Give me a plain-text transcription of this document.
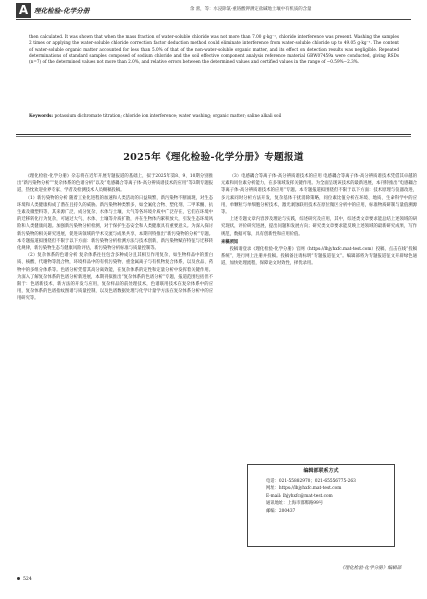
A 理化检验-化学分册	余 蕾，等：水浸除氯-重铬酸钾测定盐碱地土壤中有机质的含量

then calculated. It was shown that when the mass fraction of water-soluble chloride was not more than 7.00 g·kg⁻¹, chloride interference was present. Washing the samples 2 times or applying the water-soluble chloride correction factor deduction method could eliminate interference from water-soluble chloride up to 49.05 g·kg⁻¹. The content of water-soluble organic matter accounted for less than 5.0% of that of the non-water-soluble organic matter, and its effect on detection results was negligible. Repeated determinations of standard samples composed of sodium chloride and the soil effective component analysis reference material GBW07459a were conducted, giving RSDs (n=7) of the determined values not more than 2.0%, and relative errors between the determined values and certified values in the range of −0.59%−2.3%.

Keywords: potassium dichromate titration; chloride ion interference; water washing; organic matter; saline alkali soil
2025年《理化检验-化学分册》专题报道

《理化检验-化学分册》杂志将在近年开展专题报道的基础上，拟于2025年第8、9、10期分别推出“新污染物分析”“复杂体系的色谱分析”以及“电感耦合等离子体-高分辨质谱技术的应用”等3期专题报道，热忱欢迎业界专家、学者及检测技术人员赐稿投稿。

（1）新污染物的分析 随着工业化进程的加速和人类活动的日益频繁，新污染物不断涌现，对生态环境和人类健康构成了潜在且持久的威胁。新污染物种类繁多，如全氟化合物、塑化剂、二甲苯酮、抗生素及微塑料等，其来源广泛、成分复杂、水体与土壤、大气等各环境介质中广泛存在，它们在环境中的迁移转化行为复杂，可通过大气、水体、土壤等介质扩散，并在生物体内累积放大，引发生态环境风险和人类健康问题。加强新污染物分析检测，对于保护生态安全和人类健康具有重要意义。为深入探讨新污染物的相关研究进展，促进该领域的学术交流与成果共享，本期刊特推出“新污染物的分析”专题。本专题报道拟围绕但不限于以下方面：新污染物分析检测方法与技术创新，新污染物赋存特征与迁移转化规律，新污染物生态与健康风险评估，新污染物分析标准与质量控制等。

（2）复杂体系的色谱分析 复杂体系往往包含多种成分且其相互作用复杂，如生物样品中的蛋白质、核酸、代谢物等混合物，环境样品中的有机污染物、重金属离子与有机物复合体系，以及食品、药物中的多组分体系等。色谱分析凭借其高分离效能，在复杂体系的定性和定量分析中发挥着关键作用。为深入了解复杂体系的色谱分析新进展，本期刊拟推出“复杂体系的色谱分析”专题，报道范围包括但不限于：色谱新技术、新方法的开发与应用，复杂样品的前处理技术，色谱联用技术在复杂体系中的应用，复杂体系的色谱指纹图谱与质量控制，以及色谱数据处理与化学计量学方法在复杂体系分析中的应用研究等。

（3）电感耦合等离子体-高分辨质谱技术的应用 电感耦合等离子体-高分辨质谱技术凭借其卓越的元素和同位素分析能力，在多领域发挥关键作用。为全面呈现该技术的最新进展，本刊特推出“电感耦合等离子体-高分辨质谱技术的应用”专题。本专题报道拟围绕但不限于以下方面：技术原理与仪器改进，多元素同时分析方法开发，复杂基体干扰消除策略，同位素比值分析在环境、地质、生命科学中的应用，单颗粒与单细胞分析技术，激光剥蚀联用技术在原位微区分析中的应用，标准物质研制与量值溯源等。

上述专题文章内容涉及理论与实践，综述研究及应用，其中，综述类文章要求能总结上述领域的研究现状，评价研究进展，提出问题和发展方向；研究类文章要求能反映上述领域的最新研究成果，写作规范，数据可靠，具有创新性和应用价值。

来稿须知

投稿请登录《理化检验-化学分册》官网（https://lhjyhxfc.mat-test.com）投稿，点击在线“投稿系统”，进行网上注册并投稿。投稿备注请标明“专题报道征文”。编辑部将为专题报道征文开辟绿色通道，加快处理流程，保障论文时效性，择优录用。

编辑部联系方式
电话：021-55882970；021-65556775-263
网址：https://lhjyhxfc.mat-test.com
E-mail: lhjyhxfc@mat-test.com
通讯地址：上海市邯郸路99号
邮编：200437
《理化检验-化学分册》编辑部
524
